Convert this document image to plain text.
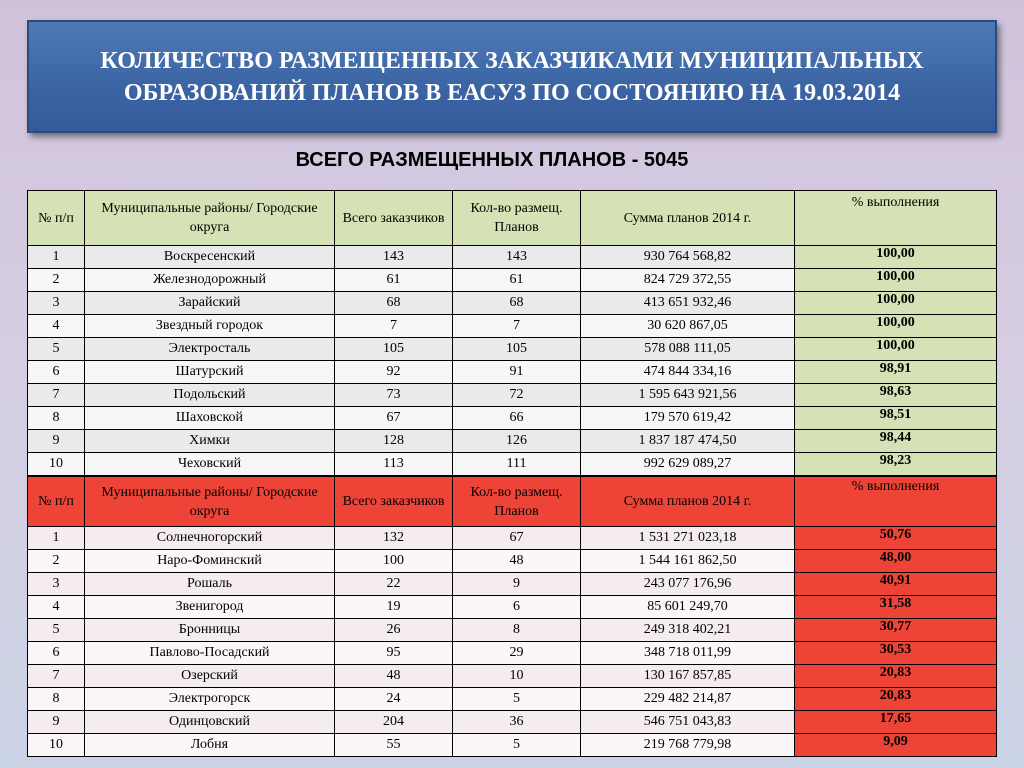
КОЛИЧЕСТВО РАЗМЕЩЕННЫХ ЗАКАЗЧИКАМИ МУНИЦИПАЛЬНЫХ ОБРАЗОВАНИЙ ПЛАНОВ В ЕАСУЗ ПО СОСТОЯНИЮ НА 19.03.2014
ВСЕГО РАЗМЕЩЕННЫХ ПЛАНОВ - 5045
№ п/п	Муниципальные районы/ Городские округа	Всего заказчиков	Кол-во размещ. Планов	Сумма планов 2014 г.	% выполнения
1	Воскресенский	143	143	930 764 568,82	100,00
2	Железнодорожный	61	61	824 729 372,55	100,00
3	Зарайский	68	68	413 651 932,46	100,00
4	Звездный городок	7	7	30 620 867,05	100,00
5	Электросталь	105	105	578 088 111,05	100,00
6	Шатурский	92	91	474 844 334,16	98,91
7	Подольский	73	72	1 595 643 921,56	98,63
8	Шаховской	67	66	179 570 619,42	98,51
9	Химки	128	126	1 837 187 474,50	98,44
10	Чеховский	113	111	992 629 089,27	98,23
№ п/п	Муниципальные районы/ Городские округа	Всего заказчиков	Кол-во размещ. Планов	Сумма планов 2014 г.	% выполнения
1	Солнечногорский	132	67	1 531 271 023,18	50,76
2	Наро-Фоминский	100	48	1 544 161 862,50	48,00
3	Рошаль	22	9	243 077 176,96	40,91
4	Звенигород	19	6	85 601 249,70	31,58
5	Бронницы	26	8	249 318 402,21	30,77
6	Павлово-Посадский	95	29	348 718 011,99	30,53
7	Озерский	48	10	130 167 857,85	20,83
8	Электрогорск	24	5	229 482 214,87	20,83
9	Одинцовский	204	36	546 751 043,83	17,65
10	Лобня	55	5	219 768 779,98	9,09
